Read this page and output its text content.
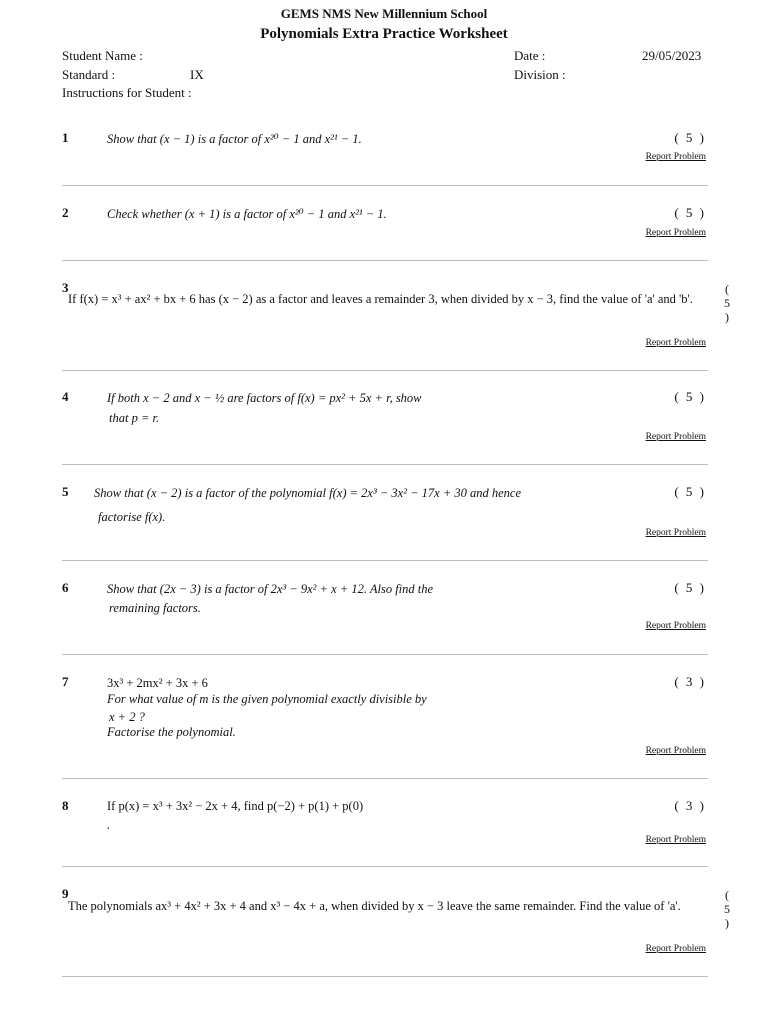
GEMS NMS New Millennium School
Polynomials Extra Practice Worksheet
Student Name :	Date :	29/05/2023
Standard :	IX	Division :
Instructions for Student :
1	Show that (x − 1) is a factor of x²⁰ − 1 and x²¹ − 1.	( 5 )
Report Problem
2	Check whether (x + 1) is a factor of x²⁰ − 1 and x²¹ − 1.	( 5 )
Report Problem
3
If f(x) = x³ + ax² + bx + 6 has (x − 2) as a factor and leaves a remainder 3, when divided by x − 3, find the value of 'a' and 'b'.
(
5
)
Report Problem
4	If both x − 2 and x − ½ are factors of f(x) = px² + 5x + r, show
that p = r.
( 5 )
Report Problem
5 Show that (x − 2) is a factor of the polynomial f(x) = 2x³ − 3x² − 17x + 30 and hence
factorise f(x).
( 5 )
Report Problem
6	Show that (2x − 3) is a factor of 2x³ − 9x² + x + 12. Also find the
remaining factors.
( 5 )
Report Problem
7	3x³ + 2mx² + 3x + 6
For what value of m is the given polynomial exactly divisible by
x + 2 ?
Factorise the polynomial.
( 3 )
Report Problem
8	If p(x) = x³ + 3x² − 2x + 4, find p(−2) + p(1) + p(0)
.
( 3 )
Report Problem
9
The polynomials ax³ + 4x² + 3x + 4 and x³ − 4x + a, when divided by x − 3 leave the same remainder. Find the value of 'a'.
(
5
)
Report Problem
